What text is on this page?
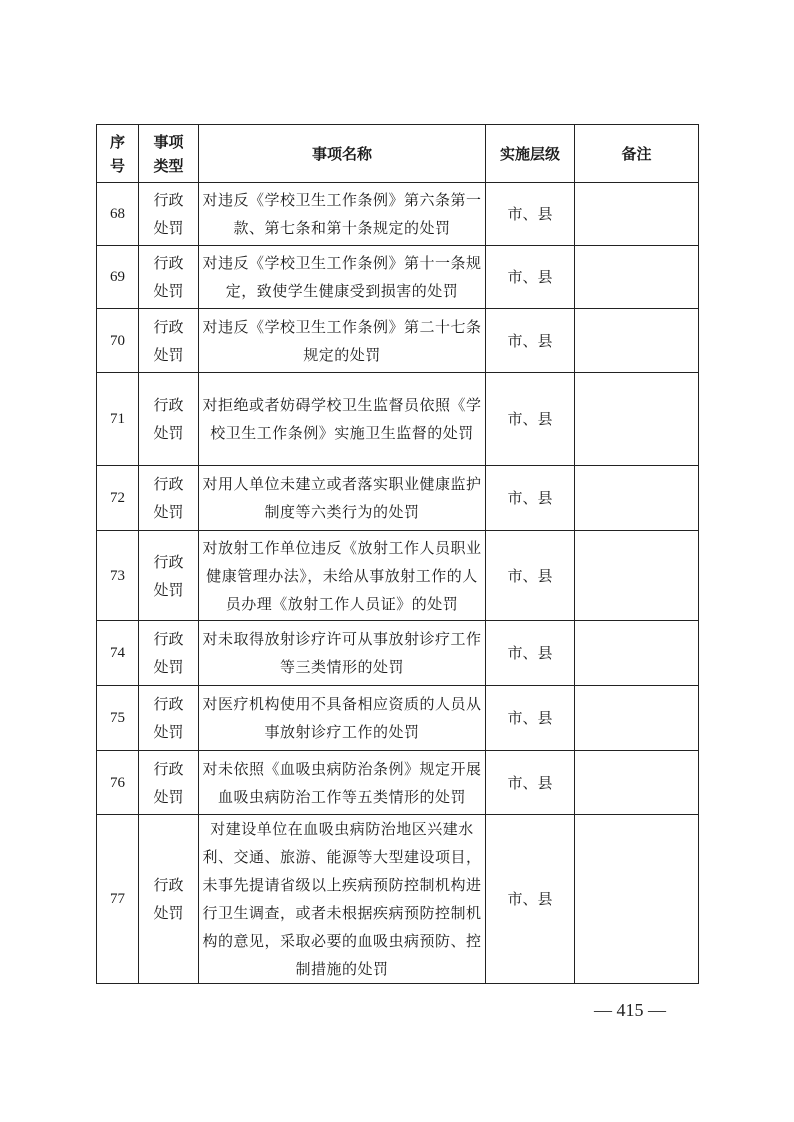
序号	事项类型	事项名称	实施层级	备注
68	行政处罚	对违反《学校卫生工作条例》第六条第一款、第七条和第十条规定的处罚	市、县	
69	行政处罚	对违反《学校卫生工作条例》第十一条规定，致使学生健康受到损害的处罚	市、县	
70	行政处罚	对违反《学校卫生工作条例》第二十七条规定的处罚	市、县	
71	行政处罚	对拒绝或者妨碍学校卫生监督员依照《学校卫生工作条例》实施卫生监督的处罚	市、县	
72	行政处罚	对用人单位未建立或者落实职业健康监护制度等六类行为的处罚	市、县	
73	行政处罚	对放射工作单位违反《放射工作人员职业健康管理办法》，未给从事放射工作的人员办理《放射工作人员证》的处罚	市、县	
74	行政处罚	对未取得放射诊疗许可从事放射诊疗工作等三类情形的处罚	市、县	
75	行政处罚	对医疗机构使用不具备相应资质的人员从事放射诊疗工作的处罚	市、县	
76	行政处罚	对未依照《血吸虫病防治条例》规定开展血吸虫病防治工作等五类情形的处罚	市、县	
77	行政处罚	对建设单位在血吸虫病防治地区兴建水利、交通、旅游、能源等大型建设项目，未事先提请省级以上疾病预防控制机构进行卫生调查，或者未根据疾病预防控制机构的意见，采取必要的血吸虫病预防、控制措施的处罚	市、县	
— 415 —
